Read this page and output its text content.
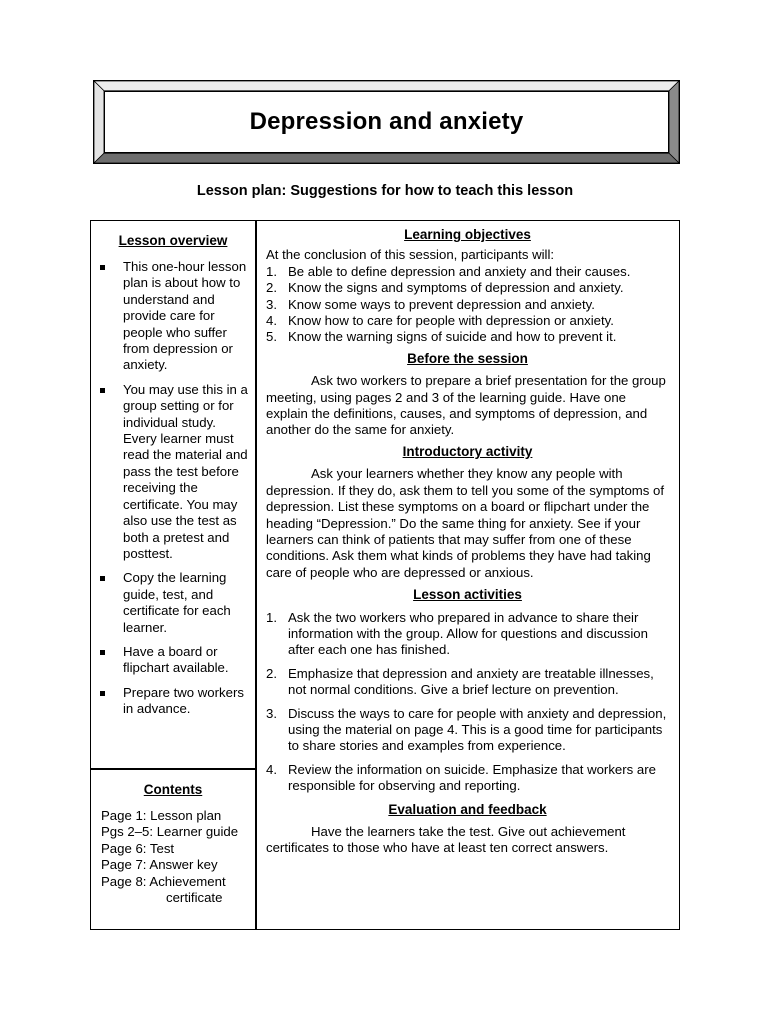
Depression and anxiety
Lesson plan: Suggestions for how to teach this lesson
Lesson overview
This one-hour lesson plan is about how to understand and provide care for people who suffer from depression or anxiety.
You may use this in a group setting or for individual study. Every learner must read the material and pass the test before receiving the certificate. You may also use the test as both a pretest and posttest.
Copy the learning guide, test, and certificate for each learner.
Have a board or flipchart available.
Prepare two workers in advance.
Contents
Page 1: Lesson plan
Pgs 2–5: Learner guide
Page 6: Test
Page 7: Answer key
Page 8: Achievement
certificate
Learning objectives

At the conclusion of this session, participants will:

1. Be able to define depression and anxiety and their causes.
2. Know the signs and symptoms of depression and anxiety.
3. Know some ways to prevent depression and anxiety.
4. Know how to care for people with depression or anxiety.
5. Know the warning signs of suicide and how to prevent it.
Before the session

Ask two workers to prepare a brief presentation for the group meeting, using pages 2 and 3 of the learning guide. Have one explain the definitions, causes, and symptoms of depression, and another do the same for anxiety.

Introductory activity

Ask your learners whether they know any people with depression. If they do, ask them to tell you some of the symptoms of depression. List these symptoms on a board or flipchart under the heading “Depression.” Do the same thing for anxiety. See if your learners can think of patients that may suffer from one of these conditions. Ask them what kinds of problems they have had taking care of people who are depressed or anxious.

Lesson activities
1. Ask the two workers who prepared in advance to share their information with the group. Allow for questions and discussion after each one has finished.
2. Emphasize that depression and anxiety are treatable illnesses, not normal conditions. Give a brief lecture on prevention.
3. Discuss the ways to care for people with anxiety and depression, using the material on page 4. This is a good time for participants to share stories and examples from experience.
4. Review the information on suicide. Emphasize that workers are responsible for observing and reporting.
Evaluation and feedback

Have the learners take the test. Give out achievement certificates to those who have at least ten correct answers.
